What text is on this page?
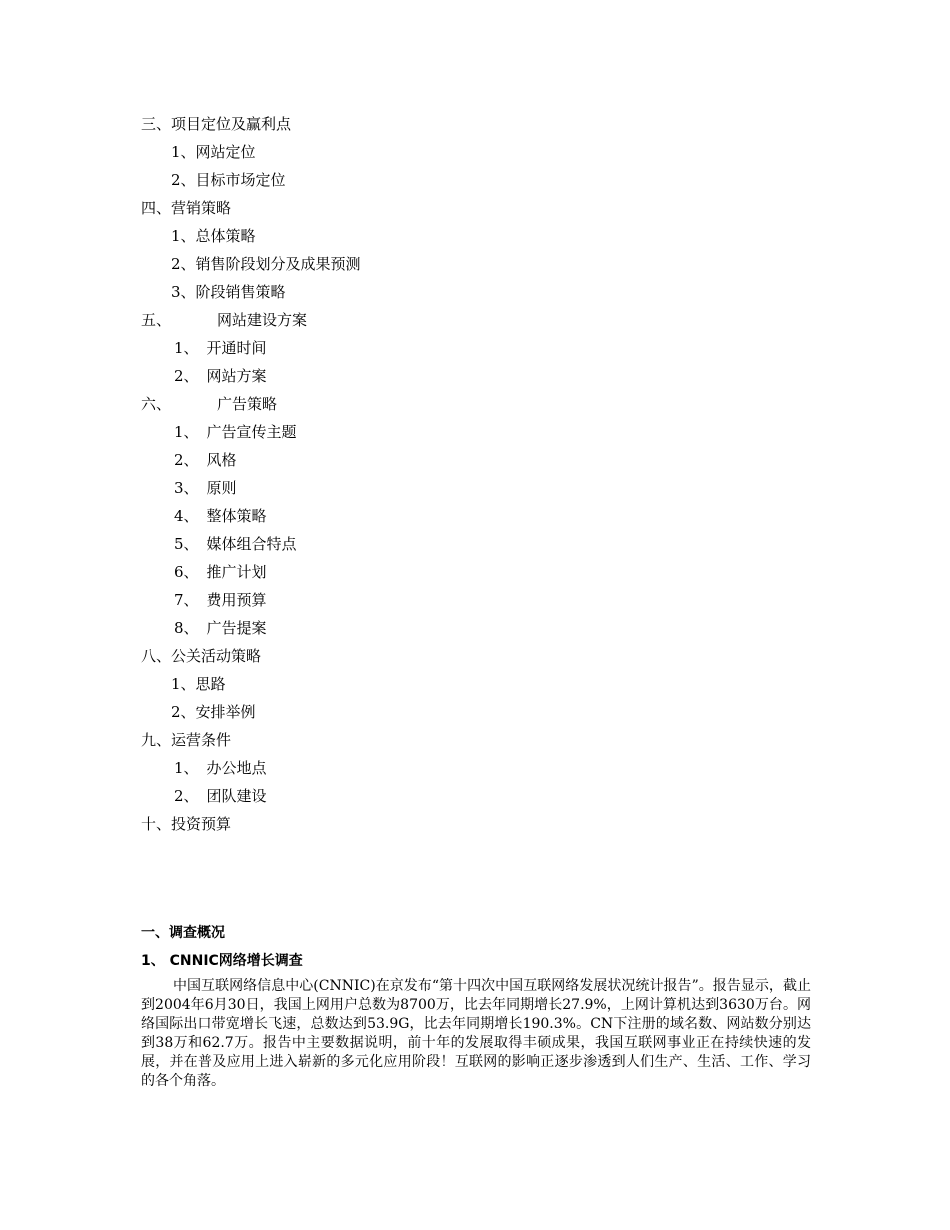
三、项目定位及赢利点
1、网站定位
2、目标市场定位
四、营销策略
1、总体策略
2、销售阶段划分及成果预测
3、阶段销售策略
五、	网站建设方案
1、 开通时间
2、 网站方案
六、	广告策略
1、 广告宣传主题
2、 风格
3、 原则
4、 整体策略
5、 媒体组合特点
6、 推广计划
7、 费用预算
8、 广告提案
八、公关活动策略
1、思路
2、安排举例
九、运营条件
1、 办公地点
2、 团队建设
十、投资预算
一、调查概况
1、 CNNIC网络增长调查
中国互联网络信息中心(CNNIC)在京发布“第十四次中国互联网络发展状况统计报告”。报告显示，截止到2004年6月30日，我国上网用户总数为8700万，比去年同期增长27.9%，上网计算机达到3630万台。网络国际出口带宽增长飞速，总数达到53.9G，比去年同期增长190.3%。CN下注册的域名数、网站数分别达到38万和62.7万。报告中主要数据说明，前十年的发展取得丰硕成果，我国互联网事业正在持续快速的发展，并在普及应用上进入崭新的多元化应用阶段！互联网的影响正逐步渗透到人们生产、生活、工作、学习的各个角落。
